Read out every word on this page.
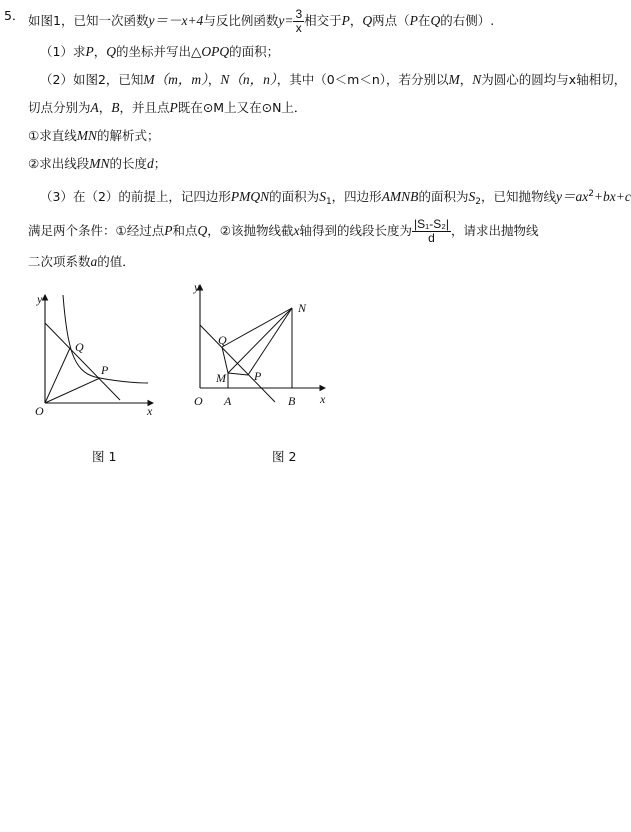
5． 如图1，已知一次函数y＝－x+4与反比例函数$y= \frac{3}{x}$ 相交于P，Q两点（P在Q的右侧）.
（1）求P，Q的坐标并写出△OPQ的面积；
（2）如图2，已知M（m，m），N（n，n），其中（0＜m＜n），若分别以M，N为圆心的圆均与x轴相切，
切点分别为A，B，并且点P既在⊙M上又在⊙N上．
①求直线MN的解析式；
②求出线段MN的长度d；
（3）在（2）的前提上，记四边形PMQN的面积为$S_1$，四边形AMNB的面积为$S_2$，已知抛物线$y=ax^2+bx+c$
满足两个条件：①经过点P和点Q，②该抛物线截x轴得到的线段长度为 $\frac{\text{|S₁-S₂|}}{d}$ ，请求出抛物线
二次项系数a的值．
y
x
O
Q
P
y
x
O
Q
M P
N
A	B
图 1	图 2
